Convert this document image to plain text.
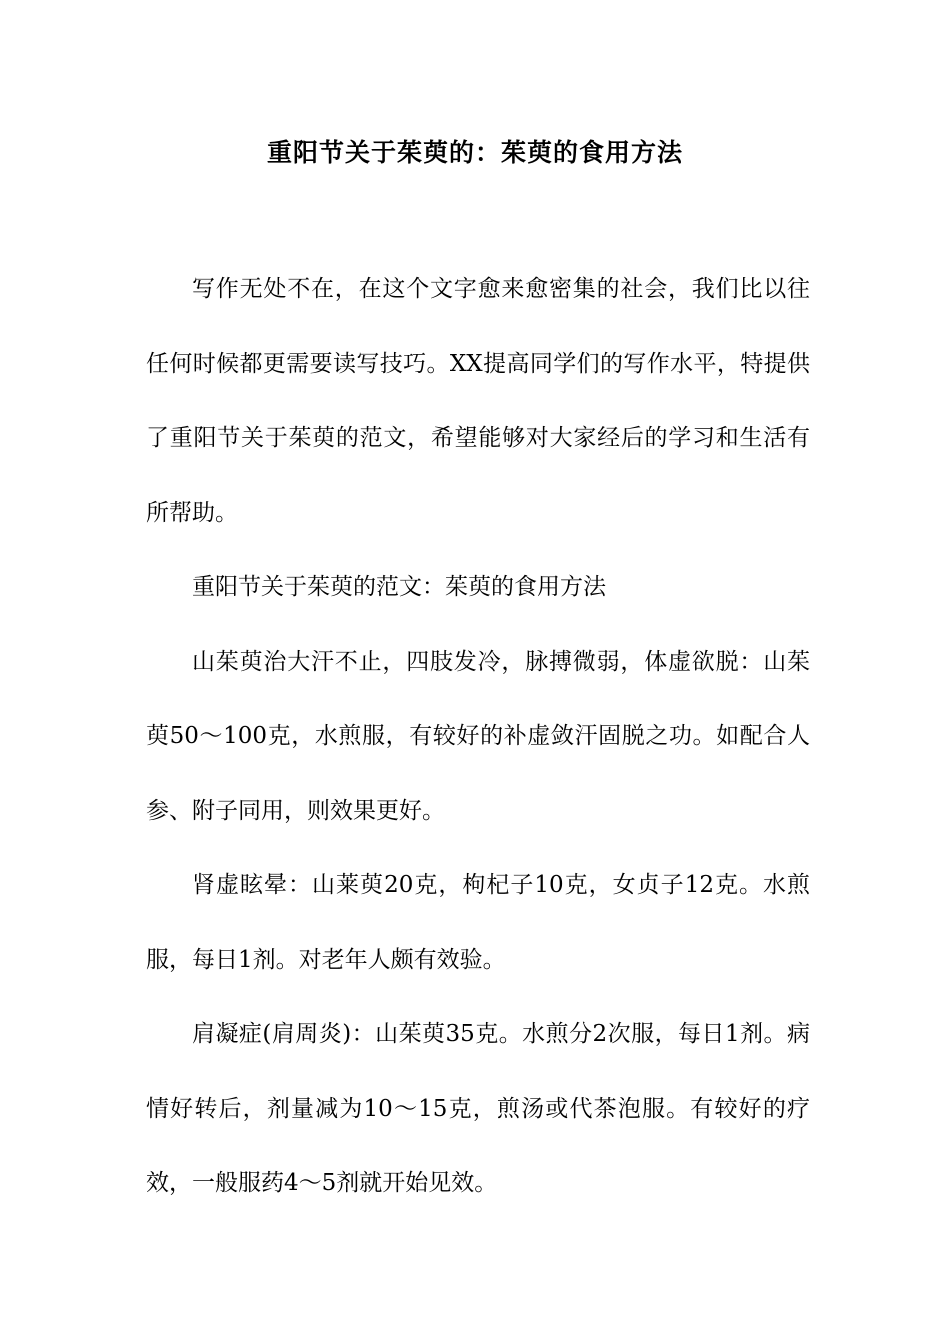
重阳节关于茱萸的：茱萸的食用方法

写作无处不在，在这个文字愈来愈密集的社会，我们比以往任何时候都更需要读写技巧。XX提高同学们的写作水平，特提供了重阳节关于茱萸的范文，希望能够对大家经后的学习和生活有所帮助。

重阳节关于茱萸的范文：茱萸的食用方法

山茱萸治大汗不止，四肢发冷，脉搏微弱，体虚欲脱：山茱萸50～100克，水煎服，有较好的补虚敛汗固脱之功。如配合人参、附子同用，则效果更好。

肾虚眩晕：山莱萸20克，枸杞子10克，女贞子12克。水煎服，每日1剂。对老年人颇有效验。

肩凝症(肩周炎)：山茱萸35克。水煎分2次服，每日1剂。病情好转后，剂量减为10～15克，煎汤或代茶泡服。有较好的疗效，一般服药4～5剂就开始见效。
